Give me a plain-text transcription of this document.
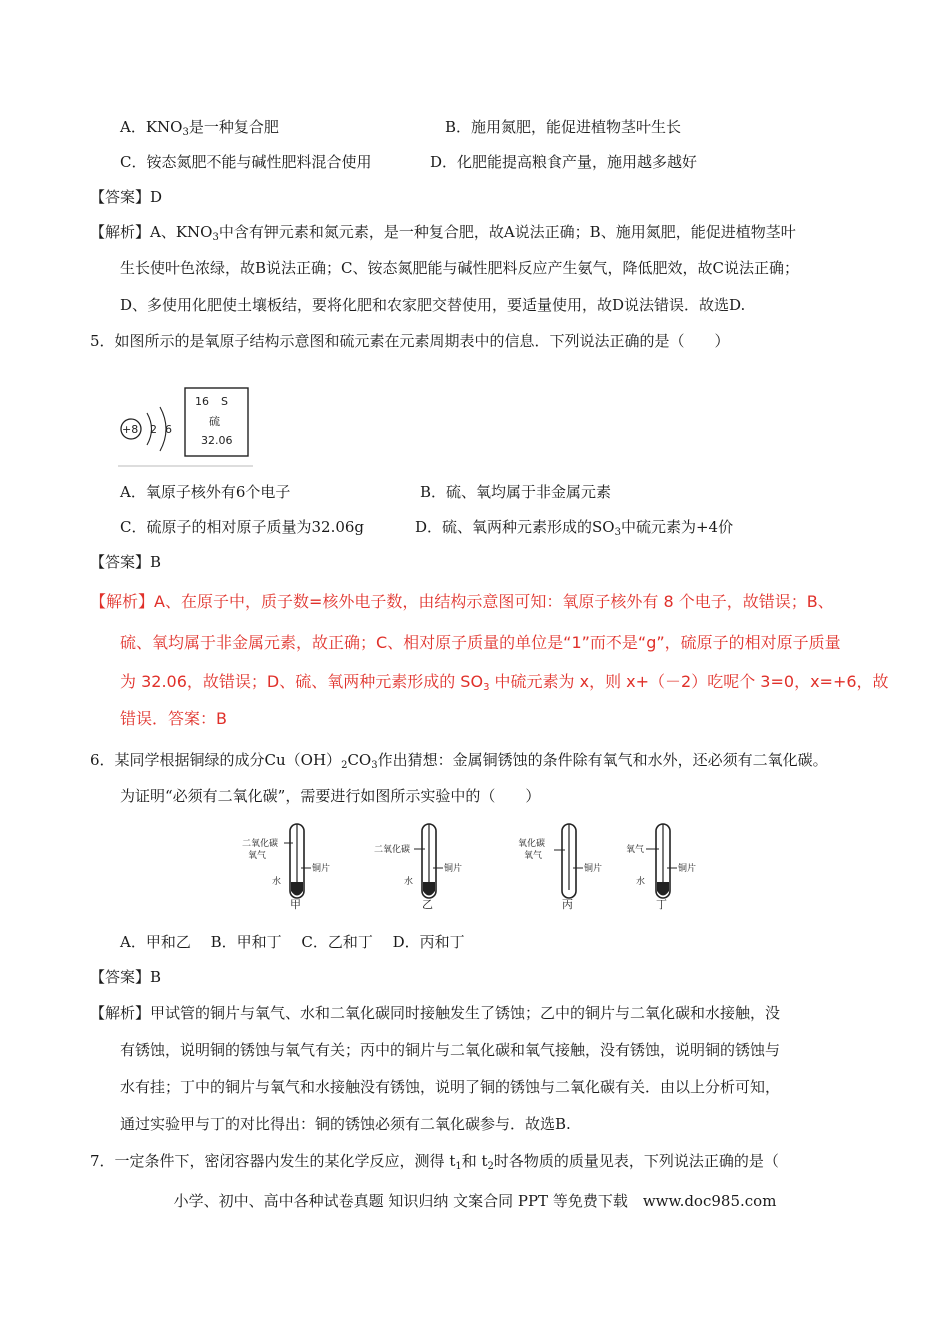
A．$KNO_3$是一种复合肥	B．施用氮肥，能促进植物茎叶生长
C．铵态氮肥不能与碱性肥料混合使用	D．化肥能提高粮食产量，施用越多越好
【答案】D
【解析】A、$KNO_3$中含有钾元素和氮元素，是一种复合肥，故A说法正确；B、施用氮肥，能促进植物茎叶
生长使叶色浓绿，故B说法正确；C、铵态氮肥能与碱性肥料反应产生氨气，降低肥效，故C说法正确；
D、多使用化肥使土壤板结，要将化肥和农家肥交替使用，要适量使用，故D说法错误．故选D.
5．如图所示的是氧原子结构示意图和硫元素在元素周期表中的信息．下列说法正确的是（　　）
+8 2 6
16 S
硫
32.06
A．氧原子核外有6个电子	B．硫、氧均属于非金属元素
C．硫原子的相对原子质量为32.06g	D．硫、氧两种元素形成的$SO_3$中硫元素为+4价
【答案】B
【解析】A、在原子中，质子数=核外电子数，由结构示意图可知：氧原子核外有 8 个电子，故错误；B、
硫、氧均属于非金属元素，故正确；C、相对原子质量的单位是“1”而不是“g”，硫原子的相对原子质量
为 32.06，故错误；D、硫、氧两种元素形成的 $SO_3$ 中硫元素为 x，则 x+（－2）吃呢个 3=0，x=+6，故
错误．答案：B
6．某同学根据铜绿的成分$Cu(OH)_2CO_3$作出猜想：金属铜锈蚀的条件除有氧气和水外，还必须有二氧化碳。
为证明“必须有二氧化碳”，需要进行如图所示实验中的（　　）
二氧化碳
氧气
铜片
水
甲
二氧化碳
铜片
水
乙
氧化碳
氧气
铜片
丙
氧气
铜片
水
丁
A．甲和乙　 B．甲和丁　 C．乙和丁　 D．丙和丁
【答案】B
【解析】甲试管的铜片与氧气、水和二氧化碳同时接触发生了锈蚀；乙中的铜片与二氧化碳和水接触，没
有锈蚀，说明铜的锈蚀与氧气有关；丙中的铜片与二氧化碳和氧气接触，没有锈蚀，说明铜的锈蚀与
水有挂；丁中的铜片与氧气和水接触没有锈蚀，说明了铜的锈蚀与二氧化碳有关．由以上分析可知，
通过实验甲与丁的对比得出：铜的锈蚀必须有二氧化碳参与．故选B.
7．一定条件下，密闭容器内发生的某化学反应，测得 $t_1$和 $t_2$时各物质的质量见表，下列说法正确的是（
小学、初中、高中各种试卷真题 知识归纳 文案合同 PPT 等免费下载　www.doc985.com
